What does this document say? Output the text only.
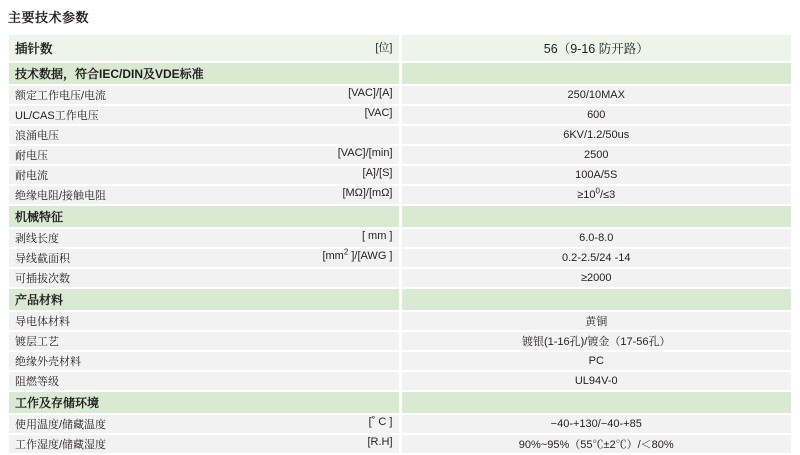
主要技术参数
插针数 [位]	56（9-16 防开路）
技术数据，符合IEC/DIN及VDE标准	

额定工作电压/电流 [VAC]/[A]	250/10MAX

UL/CAS工作电压 [VAC]	600

浪涌电压	6KV/1.2/50us

耐电压 [VAC]/[min]	2500

耐电流 [A]/[S]	100A/5S

绝缘电阻/接触电阻 [MΩ]/[mΩ]	$\ge 10^0/\le 3$
机械特征	

剥线长度 [ mm ]	6.0-8.0

导线截面积 [$mm^2$ ]/[AWG ]	0.2-2.5/24 -14

可插拔次数	≥2000
产品材料	

导电体材料	黄铜

镀层工艺	镀银(1-16孔)/镀金（17-56孔）

绝缘外壳材料	PC

阻燃等级	UL94V-0
工作及存储环境	

使用温度/储藏温度 [˚ C ]	−40-+130/−40-+85

工作湿度/储藏湿度 [R.H]	90%~95%（55℃±2℃）/＜80%
